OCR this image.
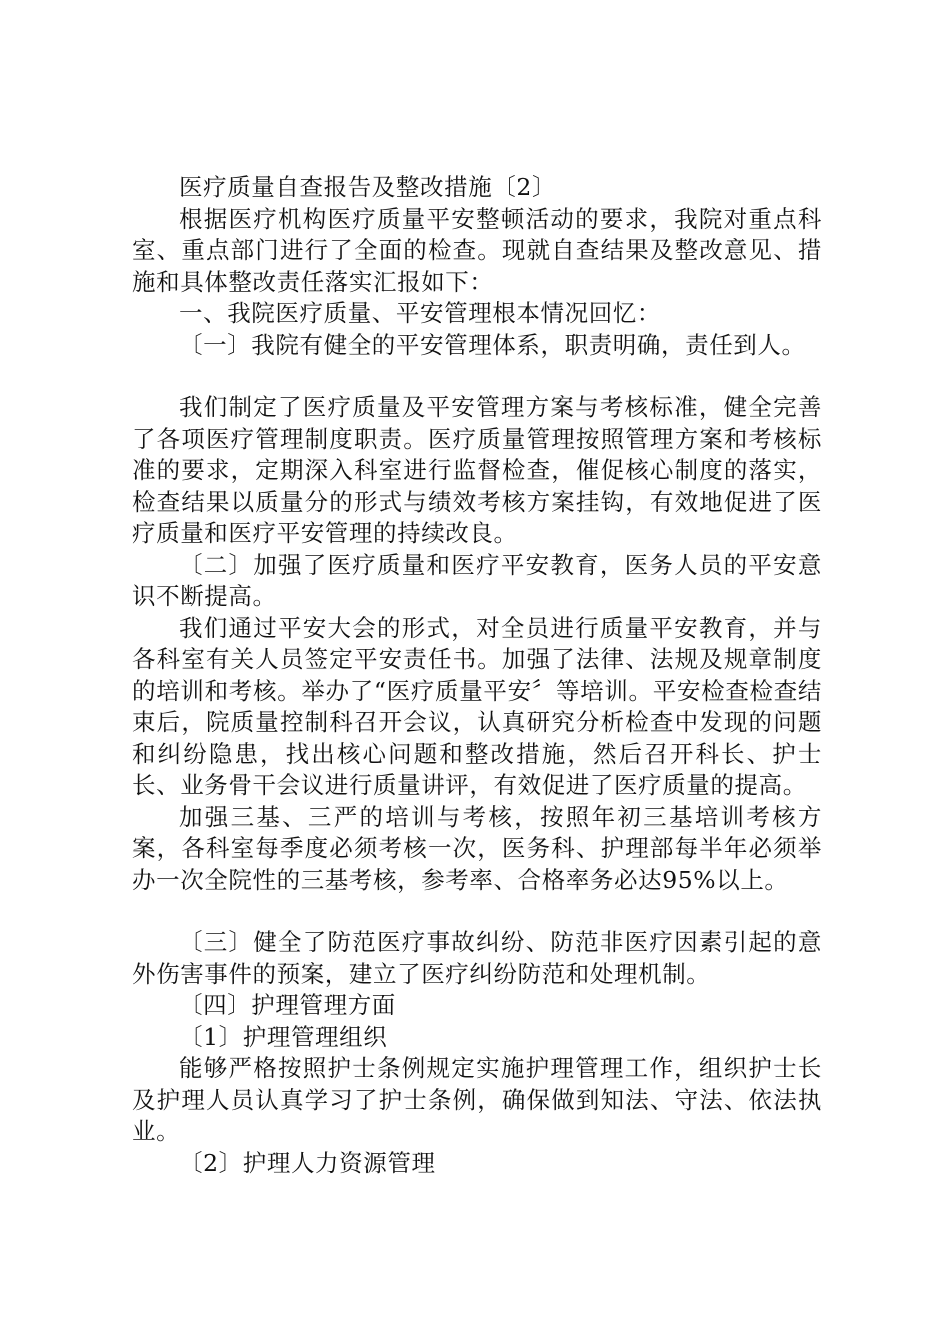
医疗质量自查报告及整改措施〔2〕

根据医疗机构医疗质量平安整顿活动的要求，我院对重点科室、重点部门进行了全面的检查。现就自查结果及整改意见、措施和具体整改责任落实汇报如下：

一、我院医疗质量、平安管理根本情况回忆：

〔一〕我院有健全的平安管理体系，职责明确，责任到人。

我们制定了医疗质量及平安管理方案与考核标准，健全完善了各项医疗管理制度职责。医疗质量管理按照管理方案和考核标准的要求，定期深入科室进行监督检查，催促核心制度的落实，检查结果以质量分的形式与绩效考核方案挂钩，有效地促进了医疗质量和医疗平安管理的持续改良。

〔二〕加强了医疗质量和医疗平安教育，医务人员的平安意识不断提高。

我们通过平安大会的形式，对全员进行质量平安教育，并与各科室有关人员签定平安责任书。加强了法律、法规及规章制度的培训和考核。举办了“医疗质量平安〞等培训。平安检查检查结束后，院质量控制科召开会议，认真研究分析检查中发现的问题和纠纷隐患，找出核心问题和整改措施，然后召开科长、护士长、业务骨干会议进行质量讲评，有效促进了医疗质量的提高。

加强三基、三严的培训与考核，按照年初三基培训考核方案，各科室每季度必须考核一次，医务科、护理部每半年必须举办一次全院性的三基考核，参考率、合格率务必达95%以上。

〔三〕健全了防范医疗事故纠纷、防范非医疗因素引起的意外伤害事件的预案，建立了医疗纠纷防范和处理机制。

〔四〕护理管理方面

〔1〕护理管理组织

能够严格按照护士条例规定实施护理管理工作，组织护士长及护理人员认真学习了护士条例，确保做到知法、守法、依法执业。

〔2〕护理人力资源管理
